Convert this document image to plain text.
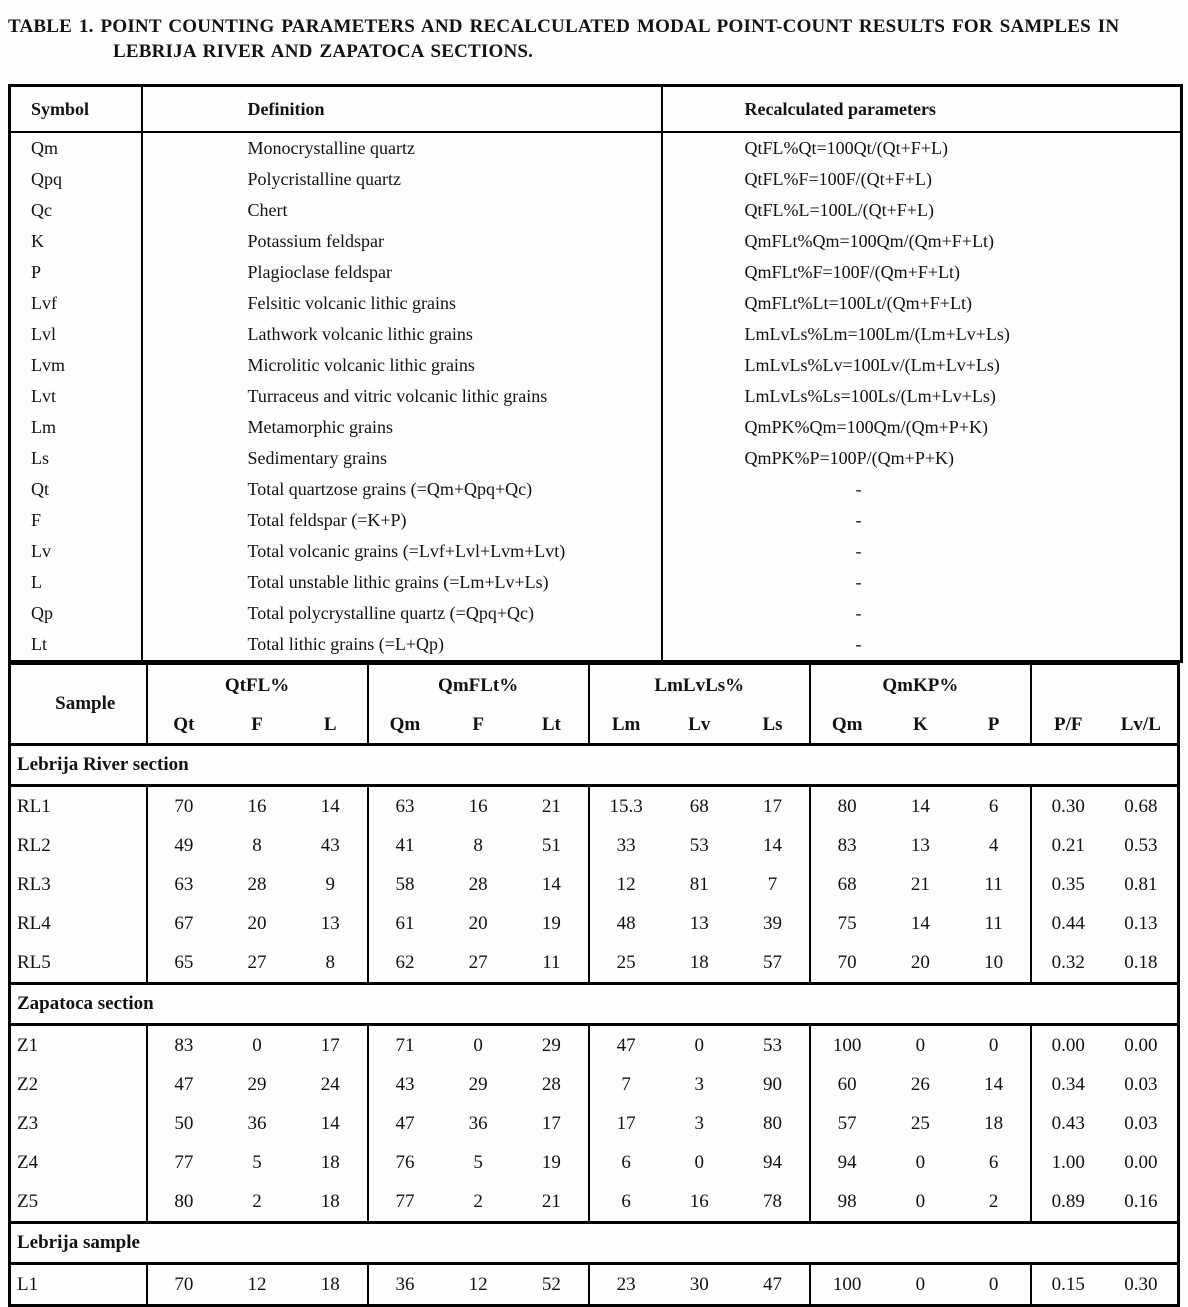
TABLE 1. POINT COUNTING PARAMETERS AND RECALCULATED MODAL POINT-COUNT RESULTS FOR SAMPLES IN
LEBRIJA RIVER AND ZAPATOCA SECTIONS.
Symbol	Definition	Recalculated parameters
Qm	Monocrystalline quartz	QtFL%Qt=100Qt/(Qt+F+L)
Qpq	Polycristalline quartz	QtFL%F=100F/(Qt+F+L)
Qc	Chert	QtFL%L=100L/(Qt+F+L)
K	Potassium feldspar	QmFLt%Qm=100Qm/(Qm+F+Lt)
P	Plagioclase feldspar	QmFLt%F=100F/(Qm+F+Lt)
Lvf	Felsitic volcanic lithic grains	QmFLt%Lt=100Lt/(Qm+F+Lt)
Lvl	Lathwork volcanic lithic grains	LmLvLs%Lm=100Lm/(Lm+Lv+Ls)
Lvm	Microlitic volcanic lithic grains	LmLvLs%Lv=100Lv/(Lm+Lv+Ls)
Lvt	Turraceus and vitric volcanic lithic grains	LmLvLs%Ls=100Ls/(Lm+Lv+Ls)
Lm	Metamorphic grains	QmPK%Qm=100Qm/(Qm+P+K)
Ls	Sedimentary grains	QmPK%P=100P/(Qm+P+K)
Qt	Total quartzose grains (=Qm+Qpq+Qc)	-
F	Total feldspar (=K+P)	-
Lv	Total volcanic grains (=Lvf+Lvl+Lvm+Lvt)	-
L	Total unstable lithic grains (=Lm+Lv+Ls)	-
Qp	Total polycrystalline quartz (=Qpq+Qc)	-
Lt	Total lithic grains (=L+Qp)	-
Sample	QtFL%			QmFLt%			LmLvLs%			QmKP%				
	Qt	F	L	Qm	F	Lt	Lm	Lv	Ls	Qm	K	P	P/F	Lv/L
Lebrija River section														
RL1	70	16	14	63	16	21	15.3	68	17	80	14	6	0.30	0.68
RL2	49	8	43	41	8	51	33	53	14	83	13	4	0.21	0.53
RL3	63	28	9	58	28	14	12	81	7	68	21	11	0.35	0.81
RL4	67	20	13	61	20	19	48	13	39	75	14	11	0.44	0.13
RL5	65	27	8	62	27	11	25	18	57	70	20	10	0.32	0.18
Zapatoca section														
Z1	83	0	17	71	0	29	47	0	53	100	0	0	0.00	0.00
Z2	47	29	24	43	29	28	7	3	90	60	26	14	0.34	0.03
Z3	50	36	14	47	36	17	17	3	80	57	25	18	0.43	0.03
Z4	77	5	18	76	5	19	6	0	94	94	0	6	1.00	0.00
Z5	80	2	18	77	2	21	6	16	78	98	0	2	0.89	0.16
Lebrija sample														
L1	70	12	18	36	12	52	23	30	47	100	0	0	0.15	0.30
